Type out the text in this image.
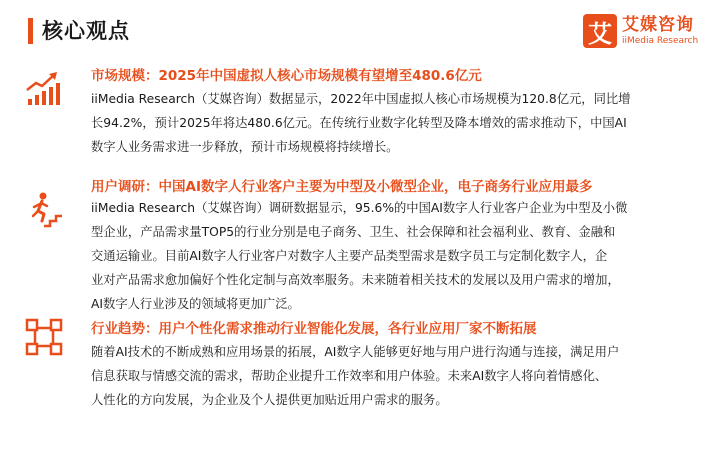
核心观点	艾 艾媒咨询
iiMedia Research
市场规模：2025年中国虚拟人核心市场规模有望增至480.6亿元
iiMedia Research（艾媒咨询）数据显示，2022年中国虚拟人核心市场规模为120.8亿元，同比增
长94.2%，预计2025年将达480.6亿元。在传统行业数字化转型及降本增效的需求推动下，中国AI
数字人业务需求进一步释放，预计市场规模将持续增长。
用户调研：中国AI数字人行业客户主要为中型及小微型企业，电子商务行业应用最多
iiMedia Research（艾媒咨询）调研数据显示，95.6%的中国AI数字人行业客户企业为中型及小微
型企业，产品需求量TOP5的行业分别是电子商务、卫生、社会保障和社会福利业、教育、金融和
交通运输业。目前AI数字人行业客户对数字人主要产品类型需求是数字员工与定制化数字人，企
业对产品需求愈加偏好个性化定制与高效率服务。未来随着相关技术的发展以及用户需求的增加，
AI数字人行业涉及的领域将更加广泛。
行业趋势：用户个性化需求推动行业智能化发展，各行业应用厂家不断拓展
随着AI技术的不断成熟和应用场景的拓展，AI数字人能够更好地与用户进行沟通与连接，满足用户
信息获取与情感交流的需求，帮助企业提升工作效率和用户体验。未来AI数字人将向着情感化、
人性化的方向发展，为企业及个人提供更加贴近用户需求的服务。
